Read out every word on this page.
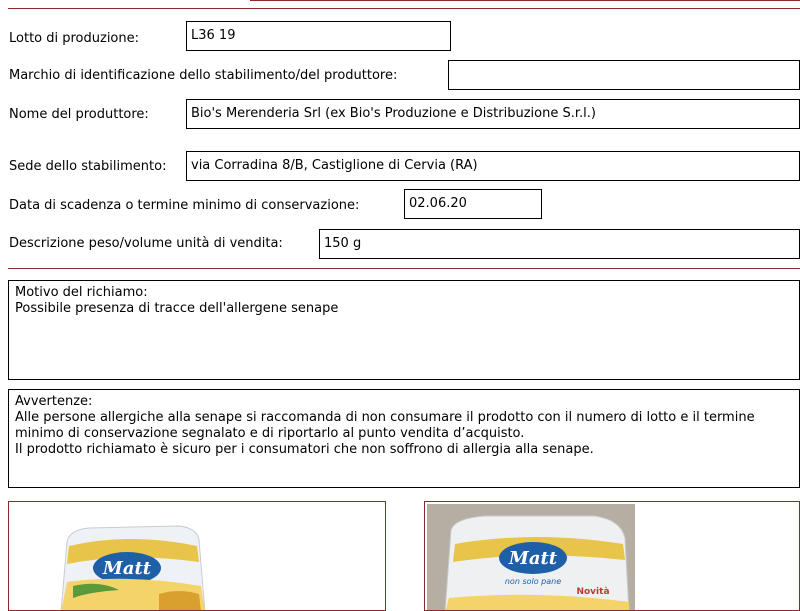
Lotto di produzione:	L36 19
Marchio di identificazione dello stabilimento/del produttore:
Nome del produttore:	Bio's Merenderia Srl (ex Bio's Produzione e Distribuzione S.r.l.)
Sede dello stabilimento:	via Corradina 8/B, Castiglione di Cervia (RA)
Data di scadenza o termine minimo di conservazione:	02.06.20
Descrizione peso/volume unità di vendita:	150 g

Motivo del richiamo:

Possibile presenza di tracce dell'allergene senape

Avvertenze:

Alle persone allergiche alla senape si raccomanda di non consumare il prodotto con il numero di lotto e il termine minimo di conservazione segnalato e di riportarlo al punto vendita d’acquisto.

Il prodotto richiamato è sicuro per i consumatori che non soffrono di allergia alla senape.

Matt	Matt
non solo pane
Novità
